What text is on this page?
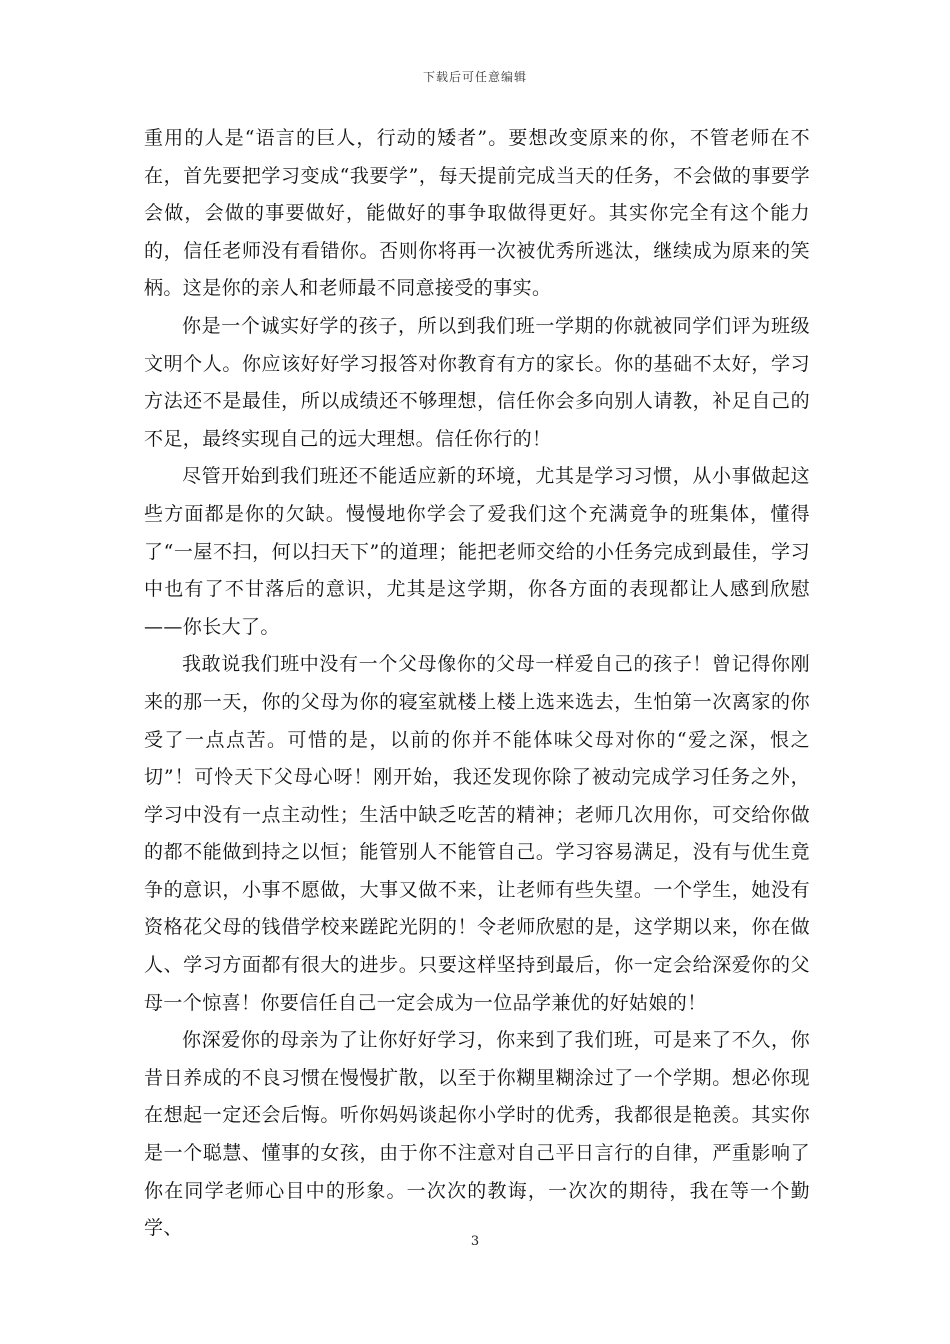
下载后可任意编辑

重用的人是“语言的巨人，行动的矮者”。要想改变原来的你，不管老师在不在，首先要把学习变成“我要学”，每天提前完成当天的任务，不会做的事要学会做，会做的事要做好，能做好的事争取做得更好。其实你完全有这个能力的，信任老师没有看错你。否则你将再一次被优秀所逃汰，继续成为原来的笑柄。这是你的亲人和老师最不同意接受的事实。

你是一个诚实好学的孩子，所以到我们班一学期的你就被同学们评为班级文明个人。你应该好好学习报答对你教育有方的家长。你的基础不太好，学习方法还不是最佳，所以成绩还不够理想，信任你会多向别人请教，补足自己的不足，最终实现自己的远大理想。信任你行的！

尽管开始到我们班还不能适应新的环境，尤其是学习习惯，从小事做起这些方面都是你的欠缺。慢慢地你学会了爱我们这个充满竟争的班集体，懂得了“一屋不扫，何以扫天下”的道理；能把老师交给的小任务完成到最佳，学习中也有了不甘落后的意识，尤其是这学期，你各方面的表现都让人感到欣慰——你长大了。

我敢说我们班中没有一个父母像你的父母一样爱自己的孩子！曾记得你刚来的那一天，你的父母为你的寝室就楼上楼上选来选去，生怕第一次离家的你受了一点点苦。可惜的是，以前的你并不能体味父母对你的“爱之深，恨之切”！可怜天下父母心呀！刚开始，我还发现你除了被动完成学习任务之外，学习中没有一点主动性；生活中缺乏吃苦的精神；老师几次用你，可交给你做的都不能做到持之以恒；能管别人不能管自己。学习容易满足，没有与优生竟争的意识，小事不愿做，大事又做不来，让老师有些失望。一个学生，她没有资格花父母的钱借学校来蹉跎光阴的！令老师欣慰的是，这学期以来，你在做人、学习方面都有很大的进步。只要这样坚持到最后，你一定会给深爱你的父母一个惊喜！你要信任自己一定会成为一位品学兼优的好姑娘的！

你深爱你的母亲为了让你好好学习，你来到了我们班，可是来了不久，你昔日养成的不良习惯在慢慢扩散，以至于你糊里糊涂过了一个学期。想必你现在想起一定还会后悔。听你妈妈谈起你小学时的优秀，我都很是艳羡。其实你是一个聪慧、懂事的女孩，由于你不注意对自己平日言行的自律，严重影响了你在同学老师心目中的形象。一次次的教诲，一次次的期待，我在等一个勤学、

3
